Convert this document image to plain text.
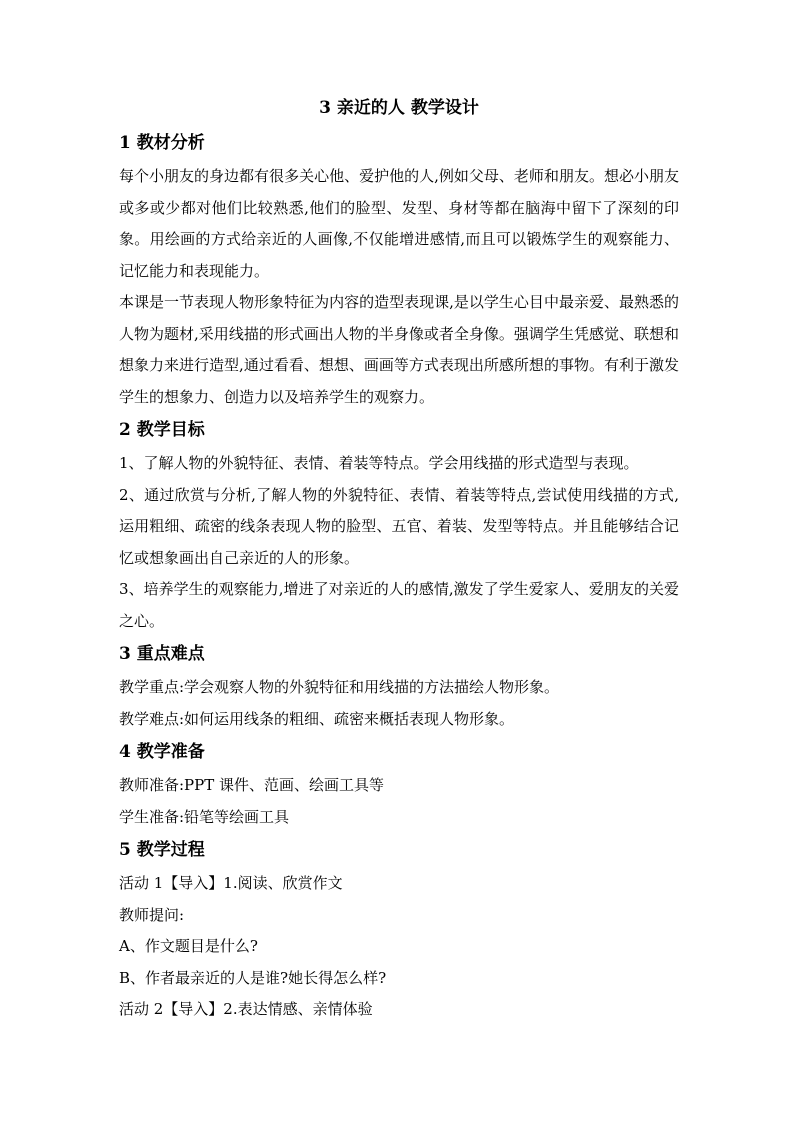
3 亲近的人 教学设计
1 教材分析

每个小朋友的身边都有很多关心他、爱护他的人,例如父母、老师和朋友。想必小朋友或多或少都对他们比较熟悉,他们的脸型、发型、身材等都在脑海中留下了深刻的印象。用绘画的方式给亲近的人画像,不仅能增进感情,而且可以锻炼学生的观察能力、记忆能力和表现能力。

本课是一节表现人物形象特征为内容的造型表现课,是以学生心目中最亲爱、最熟悉的人物为题材,采用线描的形式画出人物的半身像或者全身像。强调学生凭感觉、联想和想象力来进行造型,通过看看、想想、画画等方式表现出所感所想的事物。有利于激发学生的想象力、创造力以及培养学生的观察力。

2 教学目标

1、了解人物的外貌特征、表情、着装等特点。学会用线描的形式造型与表现。

2、通过欣赏与分析,了解人物的外貌特征、表情、着装等特点,尝试使用线描的方式,运用粗细、疏密的线条表现人物的脸型、五官、着装、发型等特点。并且能够结合记忆或想象画出自己亲近的人的形象。

3、培养学生的观察能力,增进了对亲近的人的感情,激发了学生爱家人、爱朋友的关爱之心。

3 重点难点

教学重点:学会观察人物的外貌特征和用线描的方法描绘人物形象。

教学难点:如何运用线条的粗细、疏密来概括表现人物形象。

4 教学准备

教师准备:PPT 课件、范画、绘画工具等

学生准备:铅笔等绘画工具

5 教学过程

活动 1【导入】1.阅读、欣赏作文

教师提问:

A、作文题目是什么?

B、作者最亲近的人是谁?她长得怎么样?

活动 2【导入】2.表达情感、亲情体验
